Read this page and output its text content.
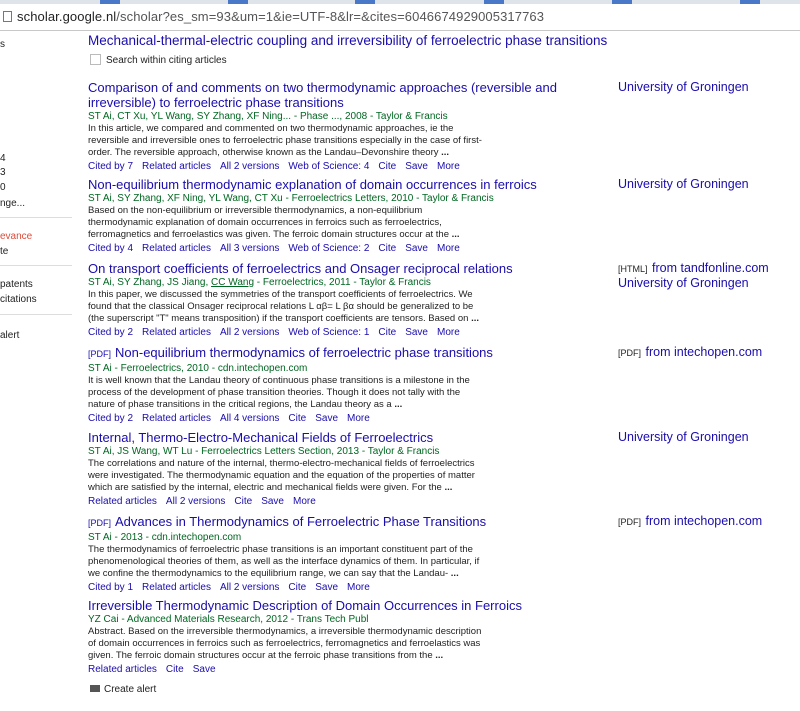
scholar.google.nl/scholar?es_sm=93&um=1&ie=UTF-8&lr=&cites=6046674929005317763
s
4
3
0
nge...
evance
te
patents
citations
alert
Mechanical-thermal-electric coupling and irreversibility of ferroelectric phase transitions
Search within citing articles
Comparison of and comments on two thermodynamic approaches (reversible and irreversible) to ferroelectric phase transitions
ST Ai, CT Xu, YL Wang, SY Zhang, XF Ning... - Phase ..., 2008 - Taylor & Francis
In this article, we compared and commented on two thermodynamic approaches, ie the reversible and irreversible ones to ferroelectric phase transitions especially in the case of first-order. The reversible approach, otherwise known as the Landau–Devonshire theory ...
Cited by 7 Related articles All 2 versions Web of Science: 4 Cite Save More
University of Groningen
Non-equilibrium thermodynamic explanation of domain occurrences in ferroics
ST Ai, SY Zhang, XF Ning, YL Wang, CT Xu - Ferroelectrics Letters, 2010 - Taylor & Francis
Based on the non-equilibrium or irreversible thermodynamics, a non-equilibrium thermodynamic explanation of domain occurrences in ferroics such as ferroelectrics, ferromagnetics and ferroelastics was given. The ferroic domain structures occur at the ...
Cited by 4 Related articles All 3 versions Web of Science: 2 Cite Save More
University of Groningen
On transport coefficients of ferroelectrics and Onsager reciprocal relations
ST Ai, SY Zhang, JS Jiang, CC Wang - Ferroelectrics, 2011 - Taylor & Francis
In this paper, we discussed the symmetries of the transport coefficients of ferroelectrics. We found that the classical Onsager reciprocal relations L αβ= L βα should be generalized to be (the superscript "T" means transposition) if the transport coefficients are tensors. Based on ...
Cited by 2 Related articles All 2 versions Web of Science: 1 Cite Save More
[HTML] from tandfonline.com
University of Groningen
[PDF] Non-equilibrium thermodynamics of ferroelectric phase transitions
ST Ai - Ferroelectrics, 2010 - cdn.intechopen.com
It is well known that the Landau theory of continuous phase transitions is a milestone in the process of the development of phase transition theories. Though it does not tally with the nature of phase transitions in the critical regions, the Landau theory as a ...
Cited by 2 Related articles All 4 versions Cite Save More
[PDF] from intechopen.com
Internal, Thermo-Electro-Mechanical Fields of Ferroelectrics
ST Ai, JS Wang, WT Lu - Ferroelectrics Letters Section, 2013 - Taylor & Francis
The correlations and nature of the internal, thermo-electro-mechanical fields of ferroelectrics were investigated. The thermodynamic equation and the equation of the properties of matter which are satisfied by the internal, electric and mechanical fields were given. For the ...
Related articles All 2 versions Cite Save More
University of Groningen
[PDF] Advances in Thermodynamics of Ferroelectric Phase Transitions
ST Ai - 2013 - cdn.intechopen.com
The thermodynamics of ferroelectric phase transitions is an important constituent part of the phenomenological theories of them, as well as the interface dynamics of them. In particular, if we confine the thermodynamics to the equilibrium range, we can say that the Landau- ...
Cited by 1 Related articles All 2 versions Cite Save More
[PDF] from intechopen.com
Irreversible Thermodynamic Description of Domain Occurrences in Ferroics
YZ Cai - Advanced Materials Research, 2012 - Trans Tech Publ
Abstract. Based on the irreversible thermodynamics, a irreversible thermodynamic description of domain occurrences in ferroics such as ferroelectrics, ferromagnetics and ferroelastics was given. The ferroic domain structures occur at the ferroic phase transitions from the ...
Related articles Cite Save
Create alert
